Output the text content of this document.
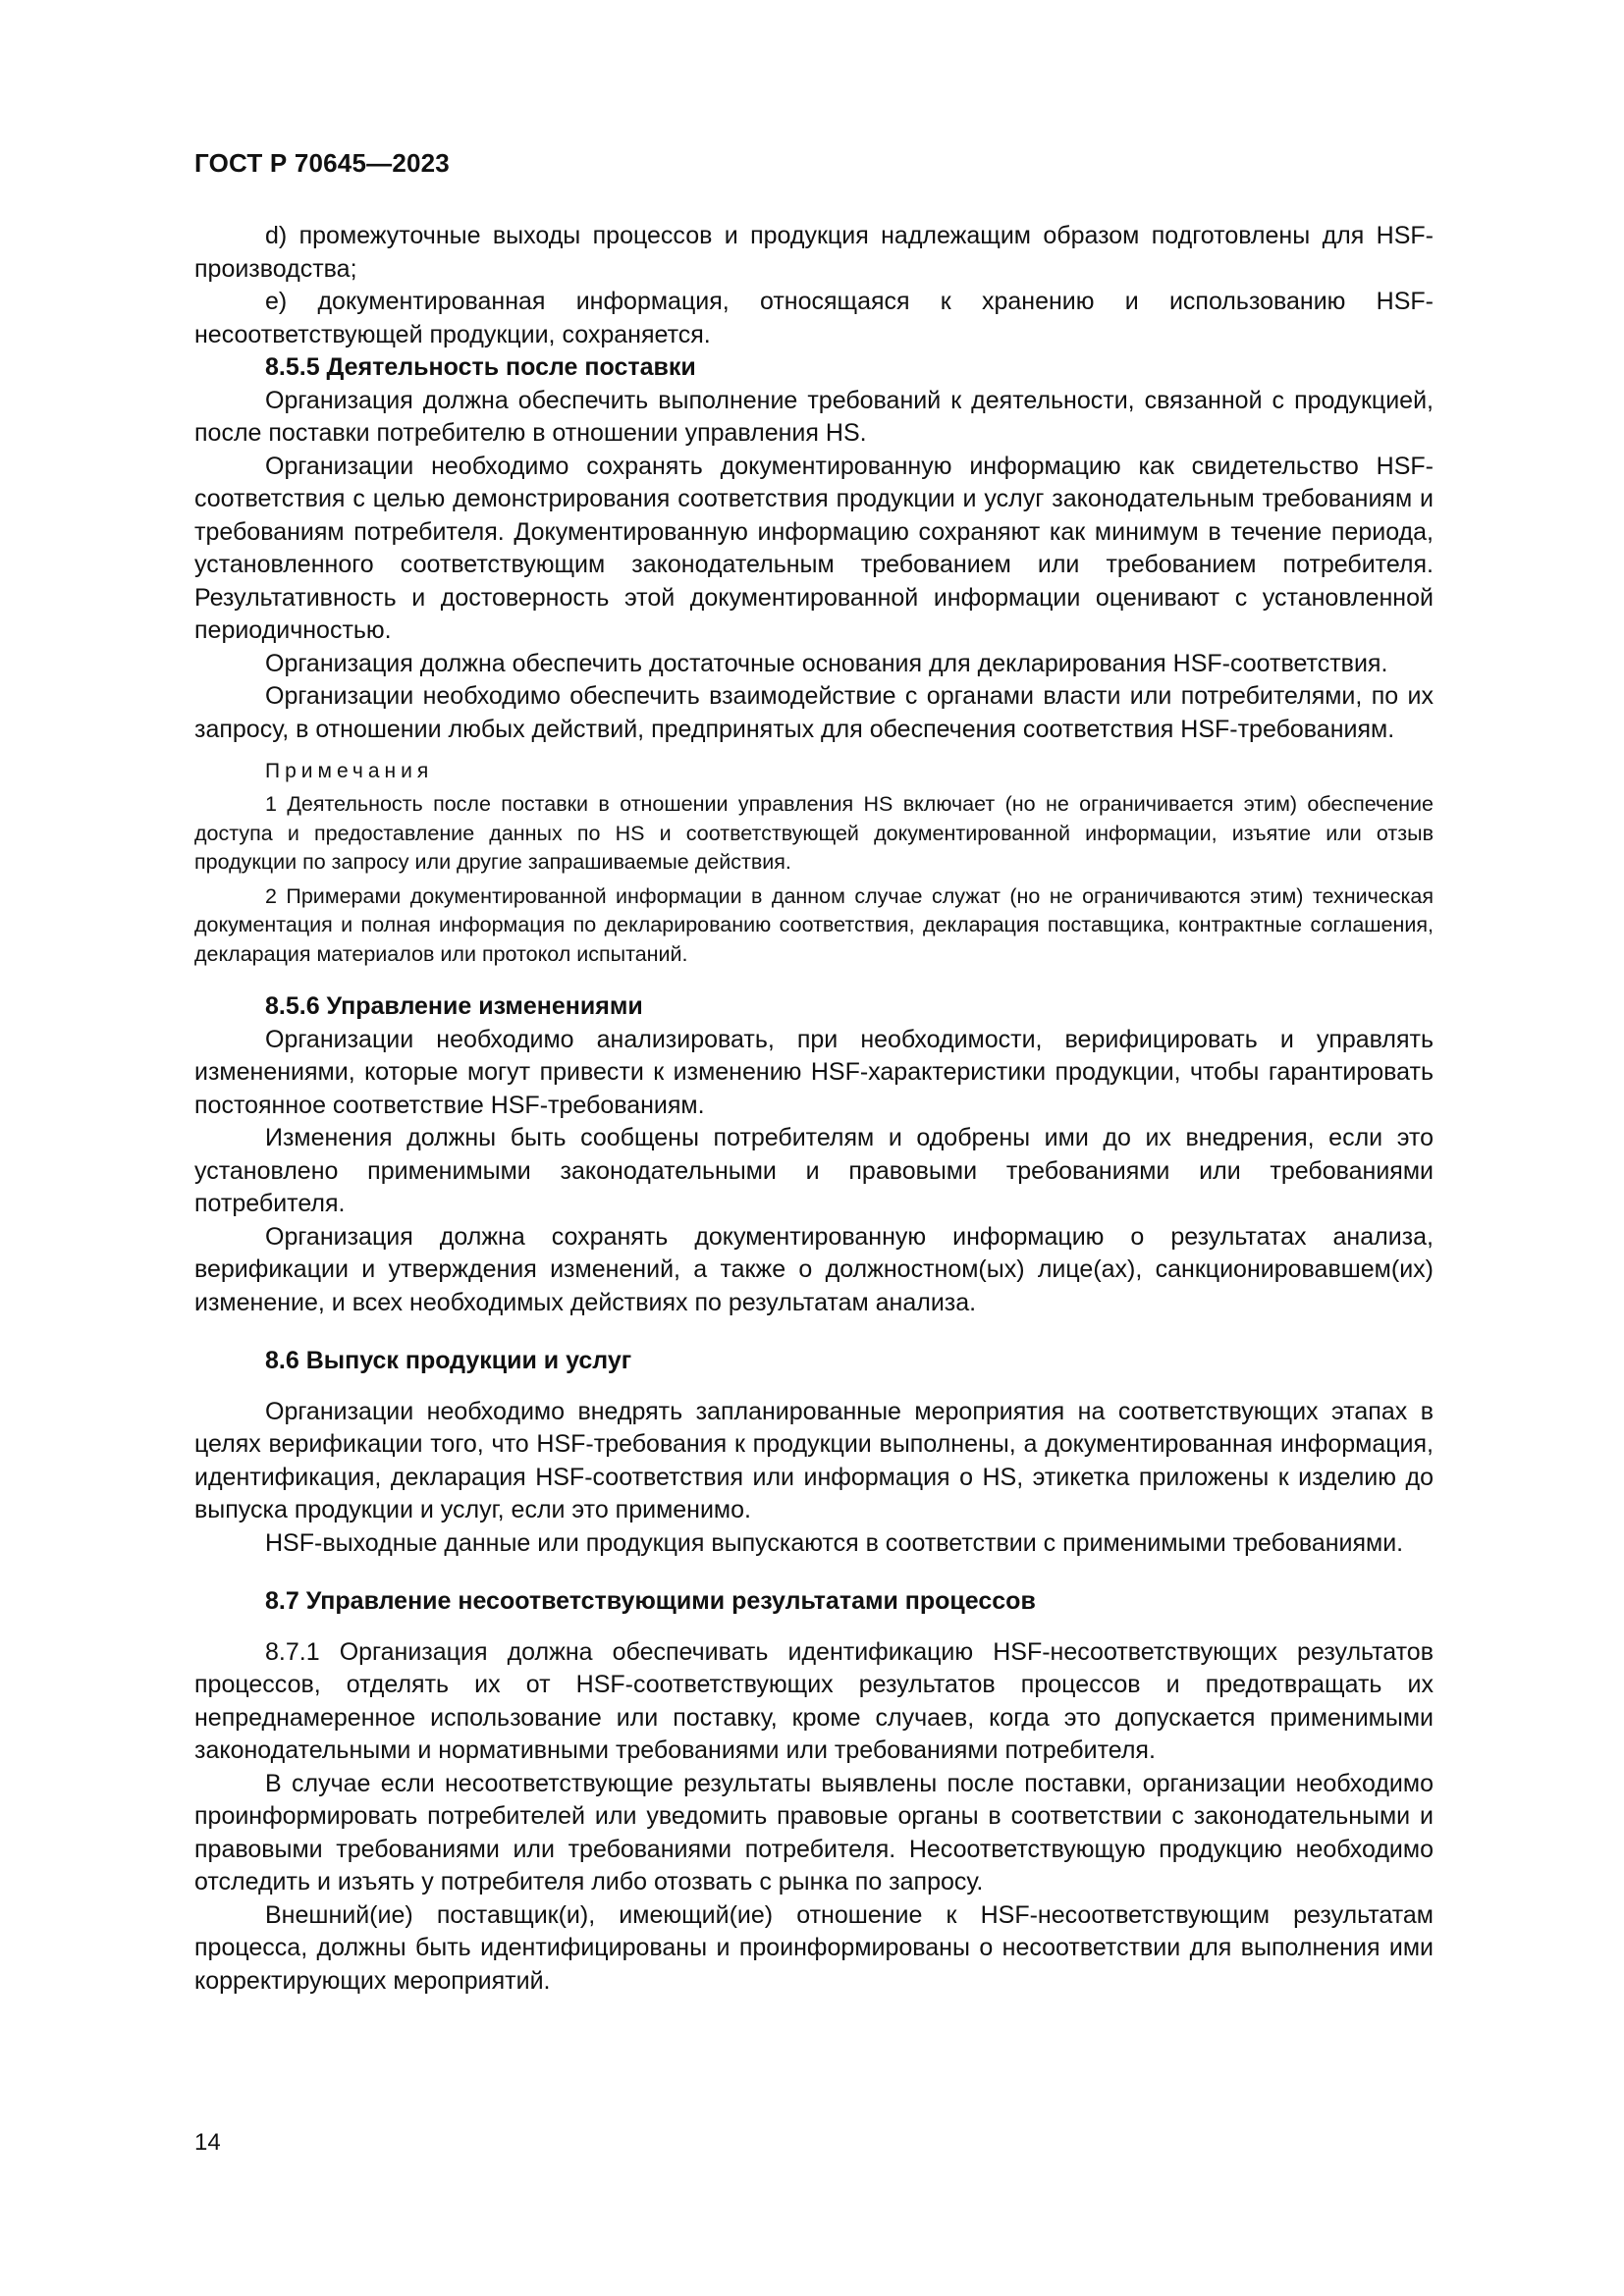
ГОСТ Р 70645—2023

d) промежуточные выходы процессов и продукция надлежащим образом подготовлены для HSF-производства;

e) документированная информация, относящаяся к хранению и использованию HSF-несоответствующей продукции, сохраняется.

8.5.5 Деятельность после поставки

Организация должна обеспечить выполнение требований к деятельности, связанной с продукцией, после поставки потребителю в отношении управления HS.

Организации необходимо сохранять документированную информацию как свидетельство HSF-соответствия с целью демонстрирования соответствия продукции и услуг законодательным требованиям и требованиям потребителя. Документированную информацию сохраняют как минимум в течение периода, установленного соответствующим законодательным требованием или требованием потребителя. Результативность и достоверность этой документированной информации оценивают с установленной периодичностью.

Организация должна обеспечить достаточные основания для декларирования HSF-соответствия.

Организации необходимо обеспечить взаимодействие с органами власти или потребителями, по их запросу, в отношении любых действий, предпринятых для обеспечения соответствия HSF-требованиям.

Примечания

1 Деятельность после поставки в отношении управления HS включает (но не ограничивается этим) обеспечение доступа и предоставление данных по HS и соответствующей документированной информации, изъятие или отзыв продукции по запросу или другие запрашиваемые действия.

2 Примерами документированной информации в данном случае служат (но не ограничиваются этим) техническая документация и полная информация по декларированию соответствия, декларация поставщика, контрактные соглашения, декларация материалов или протокол испытаний.

8.5.6 Управление изменениями

Организации необходимо анализировать, при необходимости, верифицировать и управлять изменениями, которые могут привести к изменению HSF-характеристики продукции, чтобы гарантировать постоянное соответствие HSF-требованиям.

Изменения должны быть сообщены потребителям и одобрены ими до их внедрения, если это установлено применимыми законодательными и правовыми требованиями или требованиями потребителя.

Организация должна сохранять документированную информацию о результатах анализа, верификации и утверждения изменений, а также о должностном(ых) лице(ах), санкционировавшем(их) изменение, и всех необходимых действиях по результатам анализа.

8.6 Выпуск продукции и услуг

Организации необходимо внедрять запланированные мероприятия на соответствующих этапах в целях верификации того, что HSF-требования к продукции выполнены, а документированная информация, идентификация, декларация HSF-соответствия или информация о HS, этикетка приложены к изделию до выпуска продукции и услуг, если это применимо.

HSF-выходные данные или продукция выпускаются в соответствии с применимыми требованиями.

8.7 Управление несоответствующими результатами процессов

8.7.1 Организация должна обеспечивать идентификацию HSF-несоответствующих результатов процессов, отделять их от HSF-соответствующих результатов процессов и предотвращать их непреднамеренное использование или поставку, кроме случаев, когда это допускается применимыми законодательными и нормативными требованиями или требованиями потребителя.

В случае если несоответствующие результаты выявлены после поставки, организации необходимо проинформировать потребителей или уведомить правовые органы в соответствии с законодательными и правовыми требованиями или требованиями потребителя. Несоответствующую продукцию необходимо отследить и изъять у потребителя либо отозвать с рынка по запросу.

Внешний(ие) поставщик(и), имеющий(ие) отношение к HSF-несоответствующим результатам процесса, должны быть идентифицированы и проинформированы о несоответствии для выполнения ими корректирующих мероприятий.

14
